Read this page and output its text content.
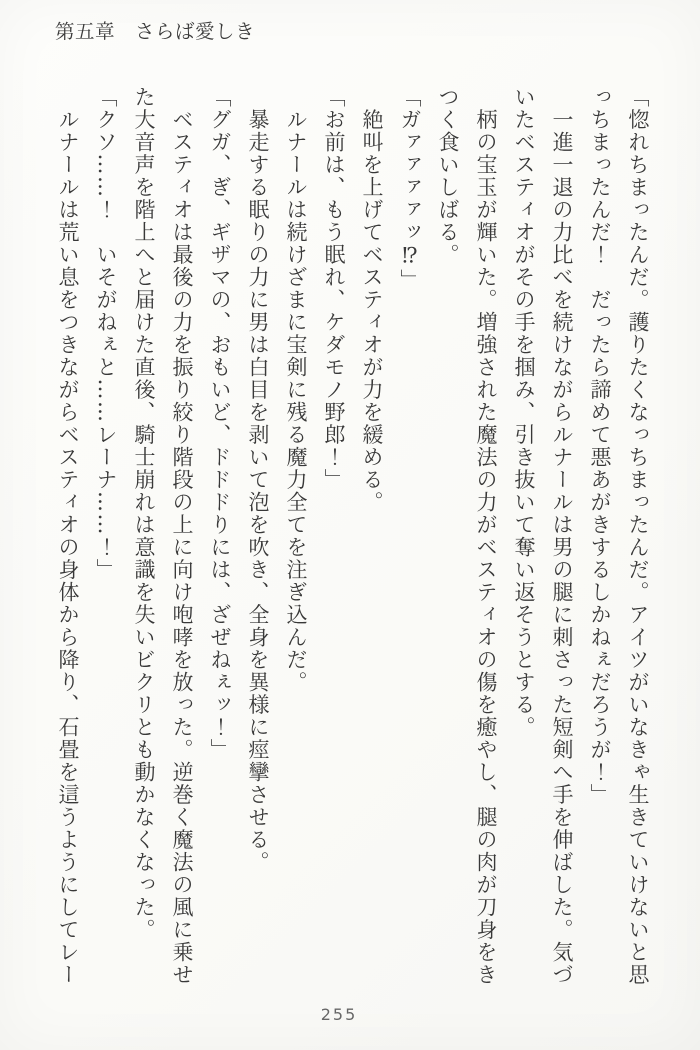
第五章　さらば愛しき

「惚れちまったんだ。護りたくなっちまったんだ。アイツがいなきゃ生きていけないと思っちまったんだ！　だったら諦めて悪あがきするしかねぇだろうが！」

　一進一退の力比べを続けながらルナールは男の腿に刺さった短剣へ手を伸ばした。気づいたベスティオがその手を掴み、引き抜いて奪い返そうとする。

　柄の宝玉が輝いた。増強された魔法の力がベスティオの傷を癒やし、腿の肉が刀身をきつく食いしばる。

「ガァァァァッ⁉」

　絶叫を上げてベスティオが力を緩める。

「お前は、もう眠れ、ケダモノ野郎！」

　ルナールは続けざまに宝剣に残る魔力全てを注ぎ込んだ。

　暴走する眠りの力に男は白目を剥いて泡を吹き、全身を異様に痙攣させる。

「グガ、ぎ、ギザマの、おもいど、ドドドりには、ざぜねぇッ！」

　ベスティオは最後の力を振り絞り階段の上に向け咆哮を放った。逆巻く魔法の風に乗せた大音声を階上へと届けた直後、騎士崩れは意識を失いビクリとも動かなくなった。

「クソ……！　いそがねぇと……レーナ……！」

　ルナールは荒い息をつきながらベスティオの身体から降り、石畳を這うようにしてレー

255
